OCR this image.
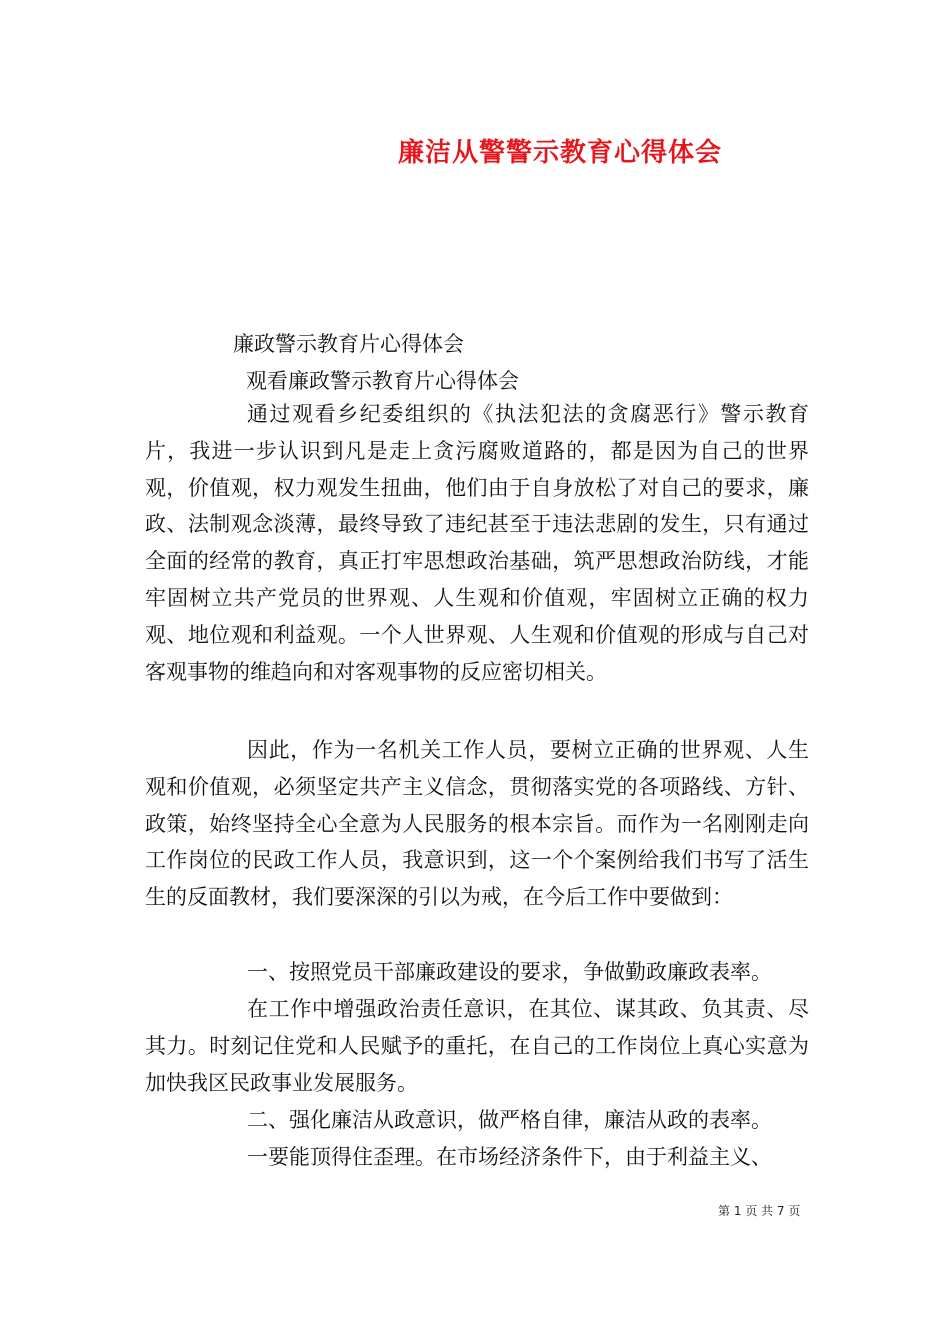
廉洁从警警示教育心得体会

廉政警示教育片心得体会

观看廉政警示教育片心得体会

通过观看乡纪委组织的《执法犯法的贪腐恶行》警示教育片，我进一步认识到凡是走上贪污腐败道路的，都是因为自己的世界观，价值观，权力观发生扭曲，他们由于自身放松了对自己的要求，廉政、法制观念淡薄，最终导致了违纪甚至于违法悲剧的发生，只有通过全面的经常的教育，真正打牢思想政治基础，筑严思想政治防线，才能牢固树立共产党员的世界观、人生观和价值观，牢固树立正确的权力观、地位观和利益观。一个人世界观、人生观和价值观的形成与自己对客观事物的维趋向和对客观事物的反应密切相关。

因此，作为一名机关工作人员，要树立正确的世界观、人生观和价值观，必须坚定共产主义信念，贯彻落实党的各项路线、方针、政策，始终坚持全心全意为人民服务的根本宗旨。而作为一名刚刚走向工作岗位的民政工作人员，我意识到，这一个个案例给我们书写了活生生的反面教材，我们要深深的引以为戒，在今后工作中要做到：

一、按照党员干部廉政建设的要求，争做勤政廉政表率。

在工作中增强政治责任意识，在其位、谋其政、负其责、尽其力。时刻记住党和人民赋予的重托，在自己的工作岗位上真心实意为加快我区民政事业发展服务。

二、强化廉洁从政意识，做严格自律，廉洁从政的表率。

一要能顶得住歪理。在市场经济条件下，由于利益主义、

第 1 页 共 7 页
